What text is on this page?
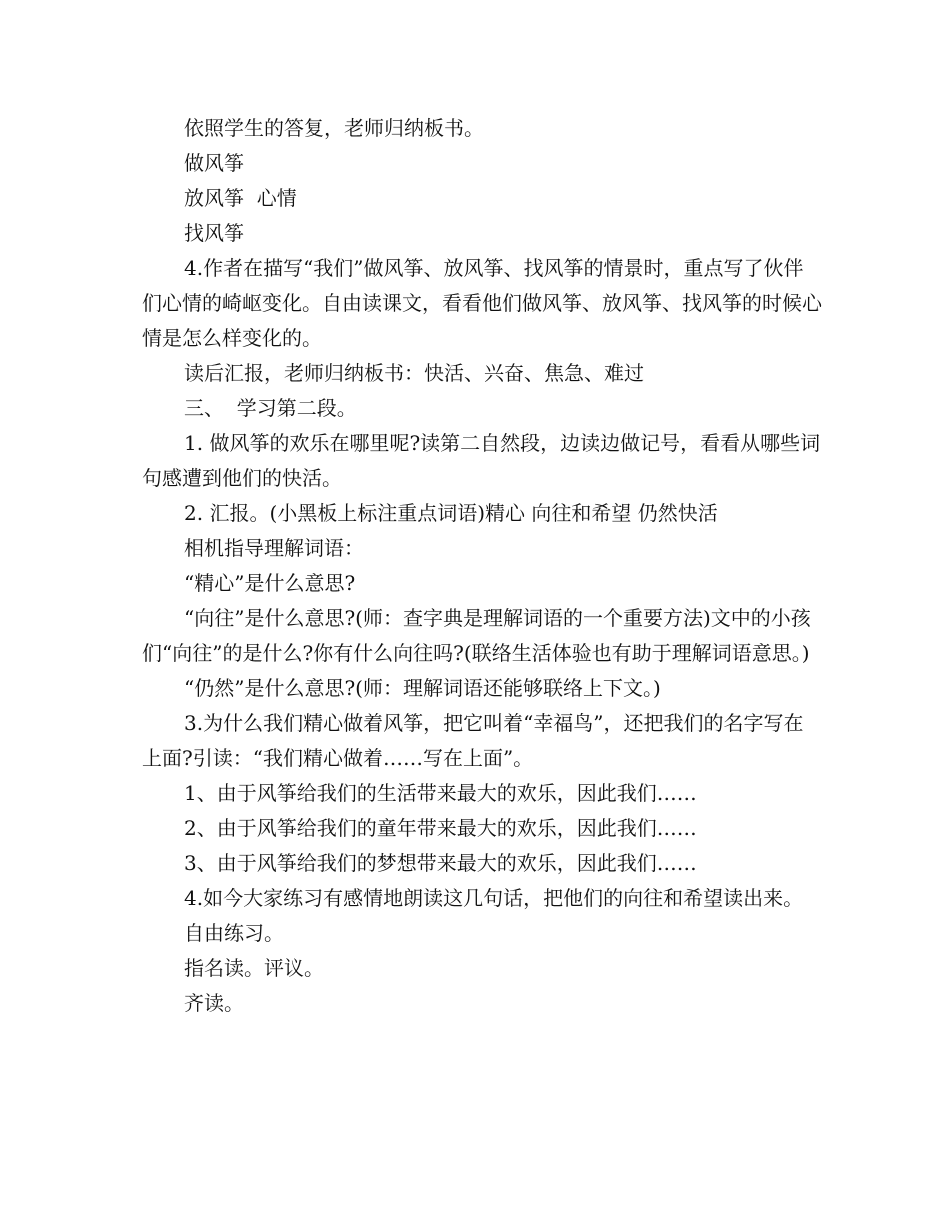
依照学生的答复，老师归纳板书。

做风筝

放风筝  心情

找风筝

4.作者在描写“我们”做风筝、放风筝、找风筝的情景时，重点写了伙伴们心情的崎岖变化。自由读课文，看看他们做风筝、放风筝、找风筝的时候心情是怎么样变化的。

读后汇报，老师归纳板书：快活、兴奋、焦急、难过

三、  学习第二段。

1. 做风筝的欢乐在哪里呢?读第二自然段，边读边做记号，看看从哪些词句感遭到他们的快活。

2. 汇报。(小黑板上标注重点词语)精心 向往和希望 仍然快活

相机指导理解词语：

“精心”是什么意思?

“向往”是什么意思?(师：查字典是理解词语的一个重要方法)文中的小孩们“向往”的是什么?你有什么向往吗?(联络生活体验也有助于理解词语意思。)

“仍然”是什么意思?(师：理解词语还能够联络上下文。)

3.为什么我们精心做着风筝，把它叫着“幸福鸟”，还把我们的名字写在上面?引读：“我们精心做着……写在上面”。

1、由于风筝给我们的生活带来最大的欢乐，因此我们……

2、由于风筝给我们的童年带来最大的欢乐，因此我们……

3、由于风筝给我们的梦想带来最大的欢乐，因此我们……

4.如今大家练习有感情地朗读这几句话，把他们的向往和希望读出来。

自由练习。

指名读。评议。

齐读。
